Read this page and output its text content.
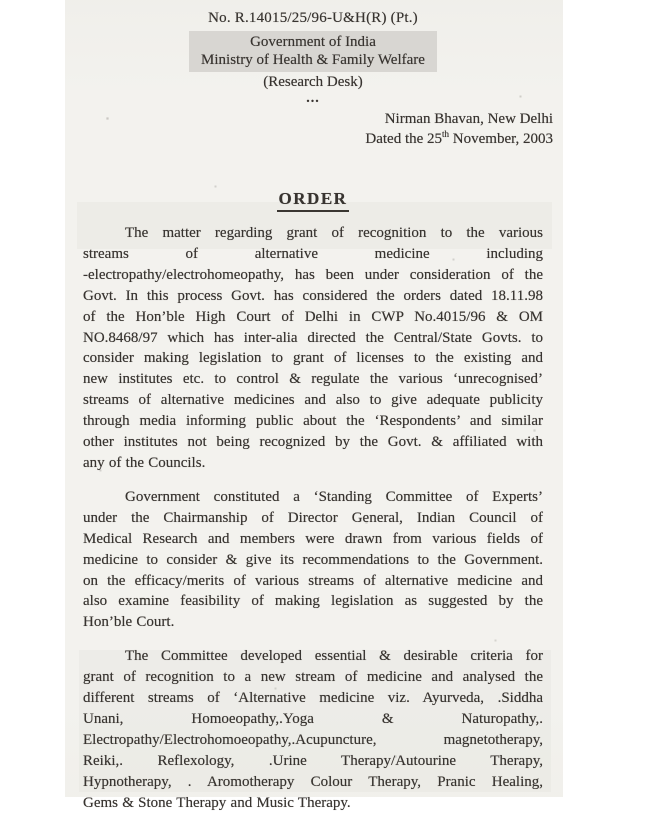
No. R.14015/25/96-U&H(R) (Pt.)
Government of India
Ministry of Health & Family Welfare
(Research Desk)
...
Nirman Bhavan, New Delhi
Dated the 25th November, 2003
ORDER
The matter regarding grant of recognition to the various
streams of alternative medicine including
-electropathy/electrohomeopathy, has been under consideration of the
Govt. In this process Govt. has considered the orders dated 18.11.98
of the Hon’ble High Court of Delhi in CWP No.4015/96 & OM
NO.8468/97 which has inter-alia directed the Central/State Govts. to
consider making legislation to grant of licenses to the existing and
new institutes etc. to control & regulate the various ‘unrecognised’
streams of alternative medicines and also to give adequate publicity
through media informing public about the ‘Respondents’ and similar
other institutes not being recognized by the Govt. & affiliated with
any of the Councils.
Government constituted a ‘Standing Committee of Experts’
under the Chairmanship of Director General, Indian Council of
Medical Research and members were drawn from various fields of
medicine to consider & give its recommendations to the Government.
on the efficacy/merits of various streams of alternative medicine and
also examine feasibility of making legislation as suggested by the
Hon’ble Court.
The Committee developed essential & desirable criteria for
grant of recognition to a new stream of medicine and analysed the
different streams of ‘Alternative medicine viz. Ayurveda, .Siddha
Unani, Homoeopathy,.Yoga & Naturopathy,.
Electropathy/Electrohomoeopathy,.Acupuncture, magnetotherapy,
Reiki,. Reflexology, .Urine Therapy/Autourine Therapy,
Hypnotherapy, . Aromotherapy Colour Therapy, Pranic Healing,
Gems & Stone Therapy and Music Therapy.
